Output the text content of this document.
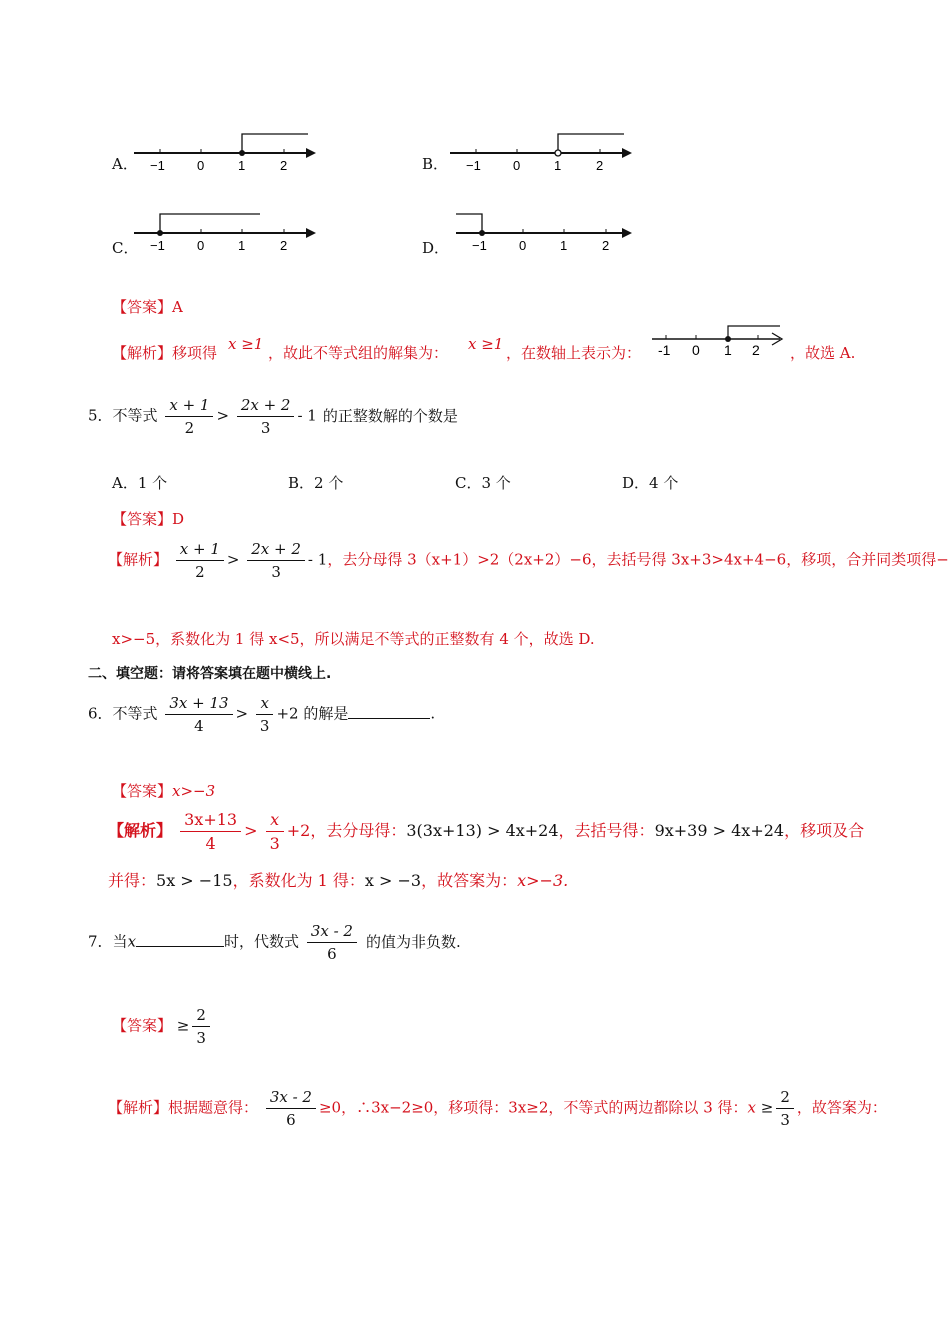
A． −1 0	1	2	B． −1 0	1	2
C． −1 0	1	2	D． −1 0	1	2
【答案】A
【解析】移项得 x ≥1 ，故此不等式组的解集为： x ≥1 ，在数轴上表示为： -1 0 1 2 ，故选 A.
5．不等式 $\frac{x + 1}{2} > \frac{2x + 2}{3} - 1$ 的正整数解的个数是
A．1 个	B．2 个	C．3 个	D．4 个
【答案】D
【解析】 $\frac{x + 1}{2} > \frac{2x + 2}{3} - 1$，去分母得 3（x+1）>2（2x+2）−6，去括号得 3x+3>4x+4−6，移项，合并同类项得−
x>−5，系数化为 1 得 x<5，所以满足不等式的正整数有 4 个，故选 D.
二、填空题：请将答案填在题中横线上.
6．不等式 $\frac{3x + 13}{4} > \frac{x}{3} +2$ 的解是	.
【答案】x>−3
【解析】 $\frac{3x+13}{4} > \frac{x}{3} +2$，去分母得：3(3x+13) > 4x+24，去括号得：9x+39 > 4x+24，移项及合
并得：5x > −15，系数化为 1 得：x > −3，故答案为：x>−3.
7．当x	时，代数式 $\frac{3x - 2}{6}$ 的值为非负数.
【答案】 ≥ $\frac{2}{3}$
【解析】根据题意得： $\frac{3x - 2}{6} \ge 0$，∴3x−2≥0，移项得：3x≥2，不等式的两边都除以 3 得：$x \ge \frac{2}{3}$ ，故答案为：
